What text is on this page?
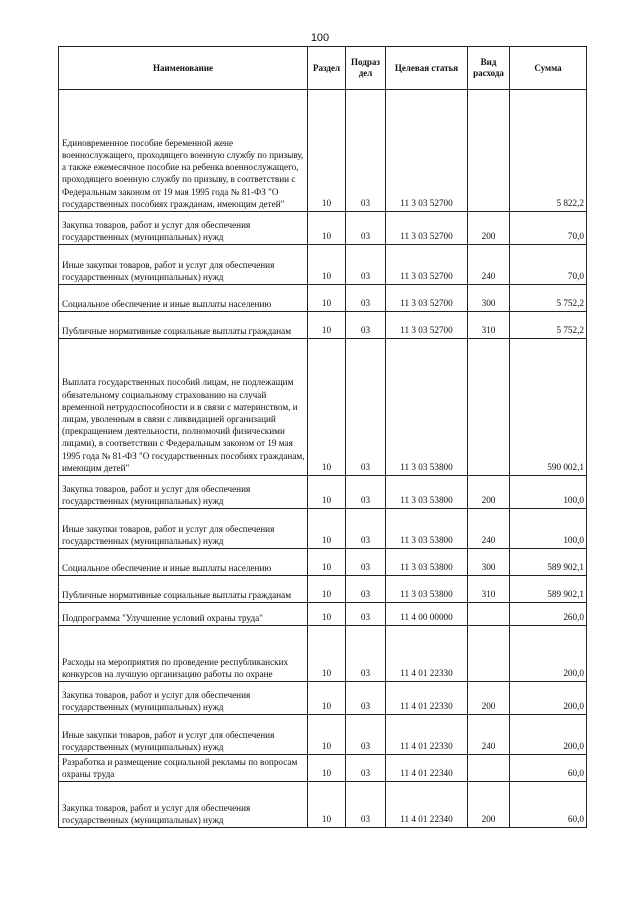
100
Наименование	Раздел	Подраз дел	Целевая статья	Вид расхода	Сумма
Единовременное пособие беременной жене военнослужащего, проходящего военную службу по призыву, а также ежемесячное пособие на ребенка военнослужащего, проходящего военную службу по призыву, в соответствии с Федеральным законом от 19 мая 1995 года № 81-ФЗ "О государственных пособиях гражданам, имеющим детей"	10	03	11 3 03 52700		5 822,2
Закупка товаров, работ и услуг для обеспечения государственных (муниципальных) нужд	10	03	11 3 03 52700	200	70,0
Иные закупки товаров, работ и услуг для обеспечения государственных (муниципальных) нужд	10	03	11 3 03 52700	240	70,0
Социальное обеспечение и иные выплаты населению	10	03	11 3 03 52700	300	5 752,2
Публичные нормативные социальные выплаты гражданам	10	03	11 3 03 52700	310	5 752,2
Выплата государственных пособий лицам, не подлежащим обязательному социальному страхованию на случай временной нетрудоспособности и в связи с материнством, и лицам, уволенным в связи с ликвидацией организаций (прекращением деятельности, полномочий физическими лицами), в соответствии с Федеральным законом от 19 мая 1995 года № 81-ФЗ "О государственных пособиях гражданам, имеющим детей"	10	03	11 3 03 53800		590 002,1
Закупка товаров, работ и услуг для обеспечения государственных (муниципальных) нужд	10	03	11 3 03 53800	200	100,0
Иные закупки товаров, работ и услуг для обеспечения государственных (муниципальных) нужд	10	03	11 3 03 53800	240	100,0
Социальное обеспечение и иные выплаты населению	10	03	11 3 03 53800	300	589 902,1
Публичные нормативные социальные выплаты гражданам	10	03	11 3 03 53800	310	589 902,1
Подпрограмма "Улучшение условий охраны труда"	10	03	11 4 00 00000		260,0
Расходы на мероприятия по проведение республиканских конкурсов на лучшую организацию работы по охране	10	03	11 4 01 22330		200,0
Закупка товаров, работ и услуг для обеспечения государственных (муниципальных) нужд	10	03	11 4 01 22330	200	200,0
Иные закупки товаров, работ и услуг для обеспечения государственных (муниципальных) нужд	10	03	11 4 01 22330	240	200,0
Разработка и размещение социальной рекламы по вопросам охраны труда	10	03	11 4 01 22340		60,0
Закупка товаров, работ и услуг для обеспечения государственных (муниципальных) нужд	10	03	11 4 01 22340	200	60,0
